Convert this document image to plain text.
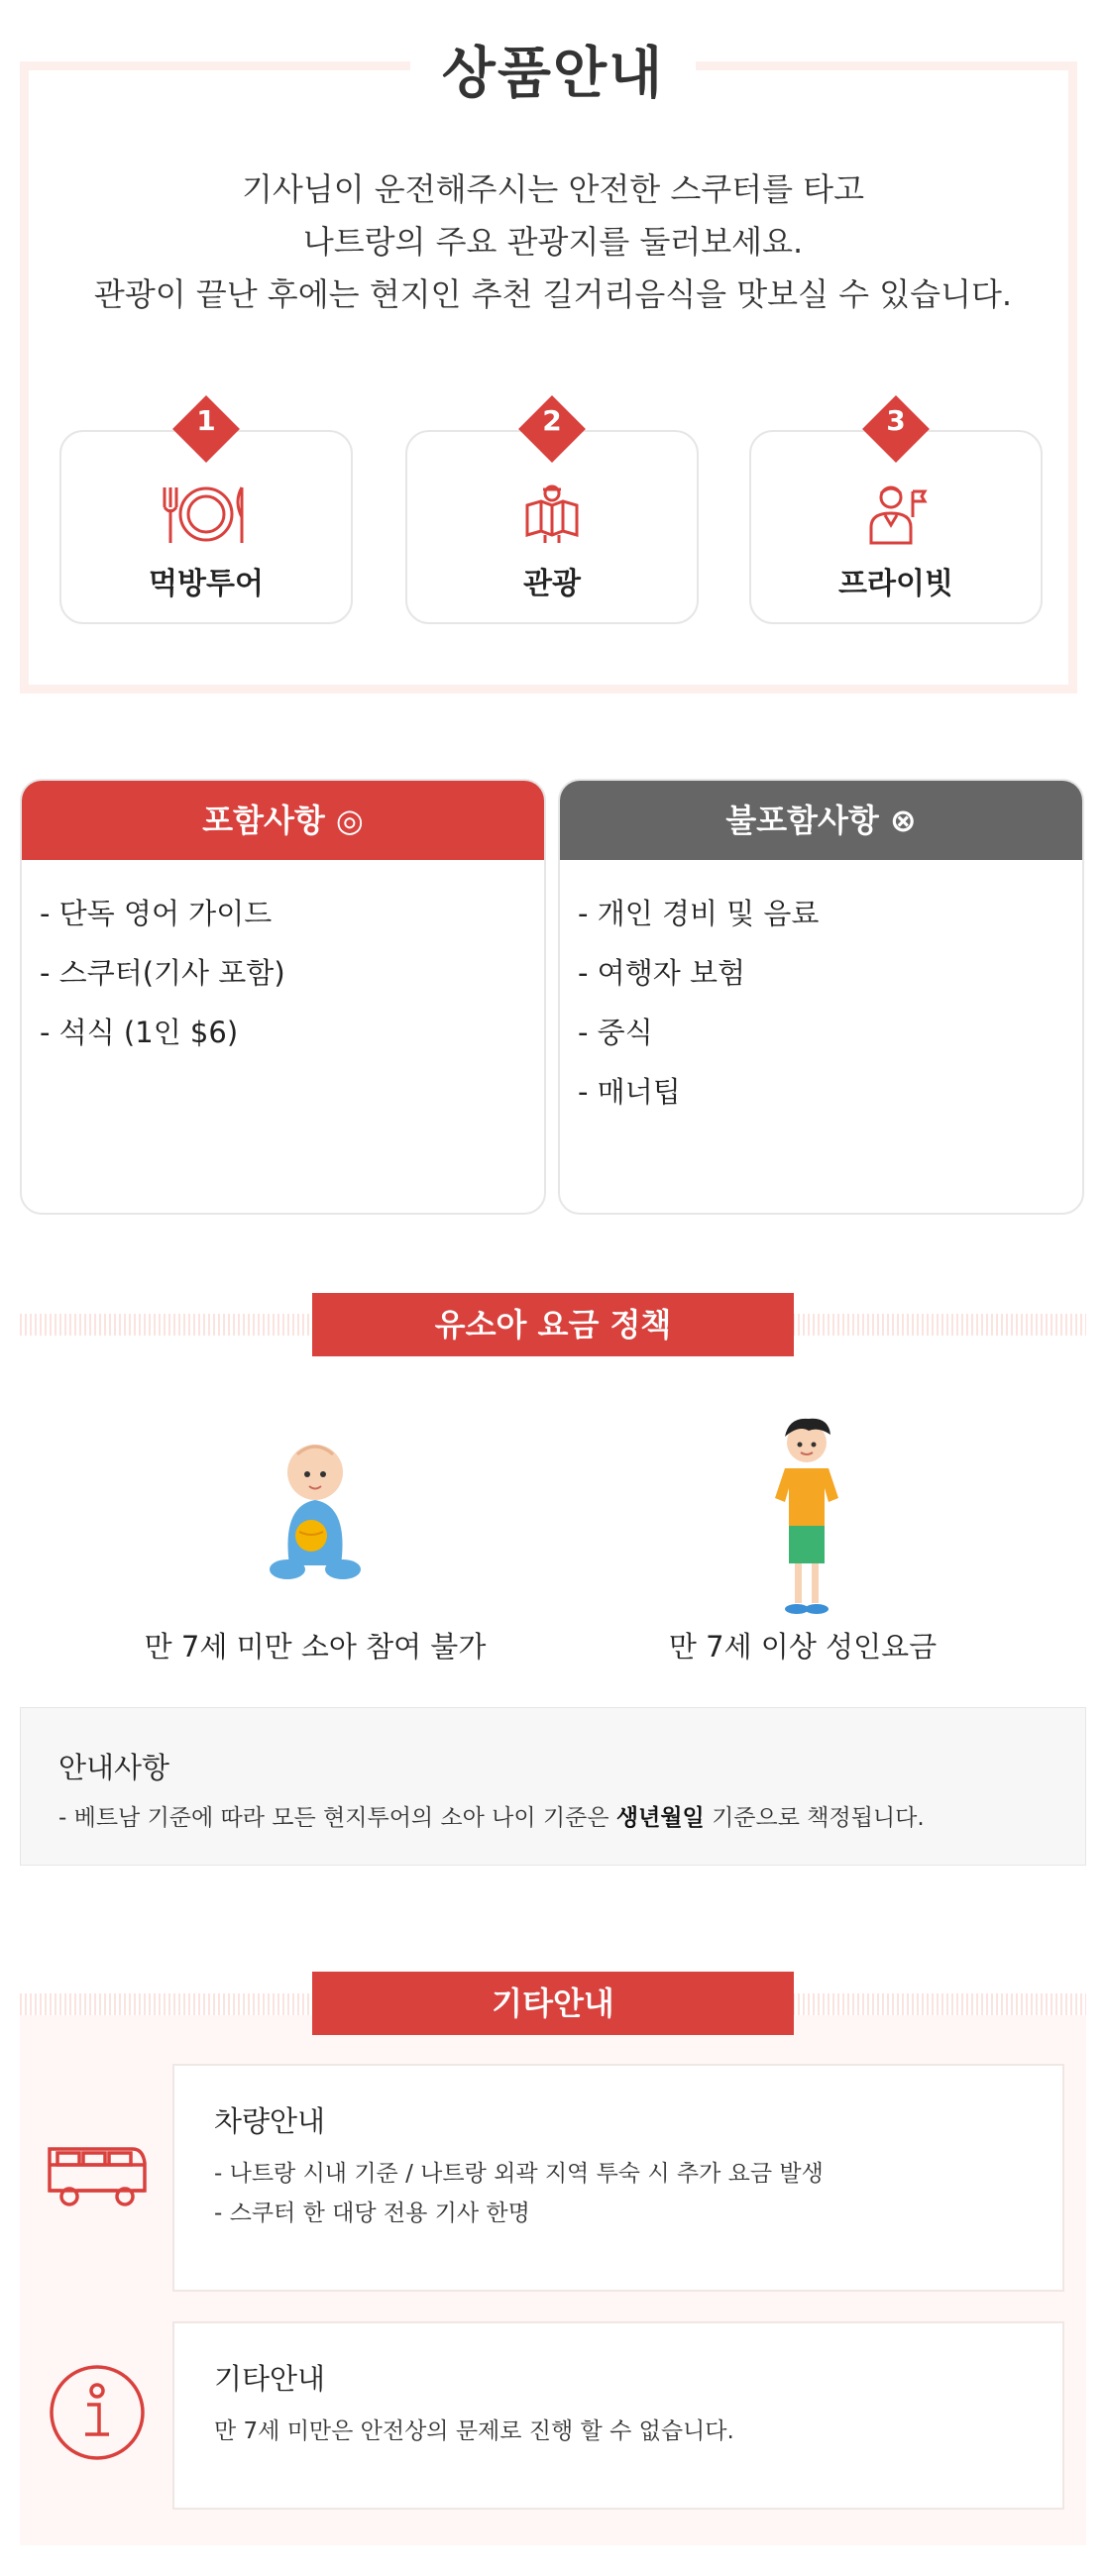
상품안내
기사님이 운전해주시는 안전한 스쿠터를 타고
나트랑의 주요 관광지를 둘러보세요.
관광이 끝난 후에는 현지인 추천 길거리음식을 맛보실 수 있습니다.
1
먹방투어
2
관광
3
프라이빗
포함사항 ◎
- 단독 영어 가이드
- 스쿠터(기사 포함)
- 석식 (1인 $6)
불포함사항 ⊗
- 개인 경비 및 음료
- 여행자 보험
- 중식
- 매너팁
유소아 요금 정책
만 7세 미만 소아 참여 불가	만 7세 이상 성인요금
안내사항
- 베트남 기준에 따라 모든 현지투어의 소아 나이 기준은 생년월일 기준으로 책정됩니다.
기타안내
차량안내
- 나트랑 시내 기준 / 나트랑 외곽 지역 투숙 시 추가 요금 발생
- 스쿠터 한 대당 전용 기사 한명
기타안내
만 7세 미만은 안전상의 문제로 진행 할 수 없습니다.
